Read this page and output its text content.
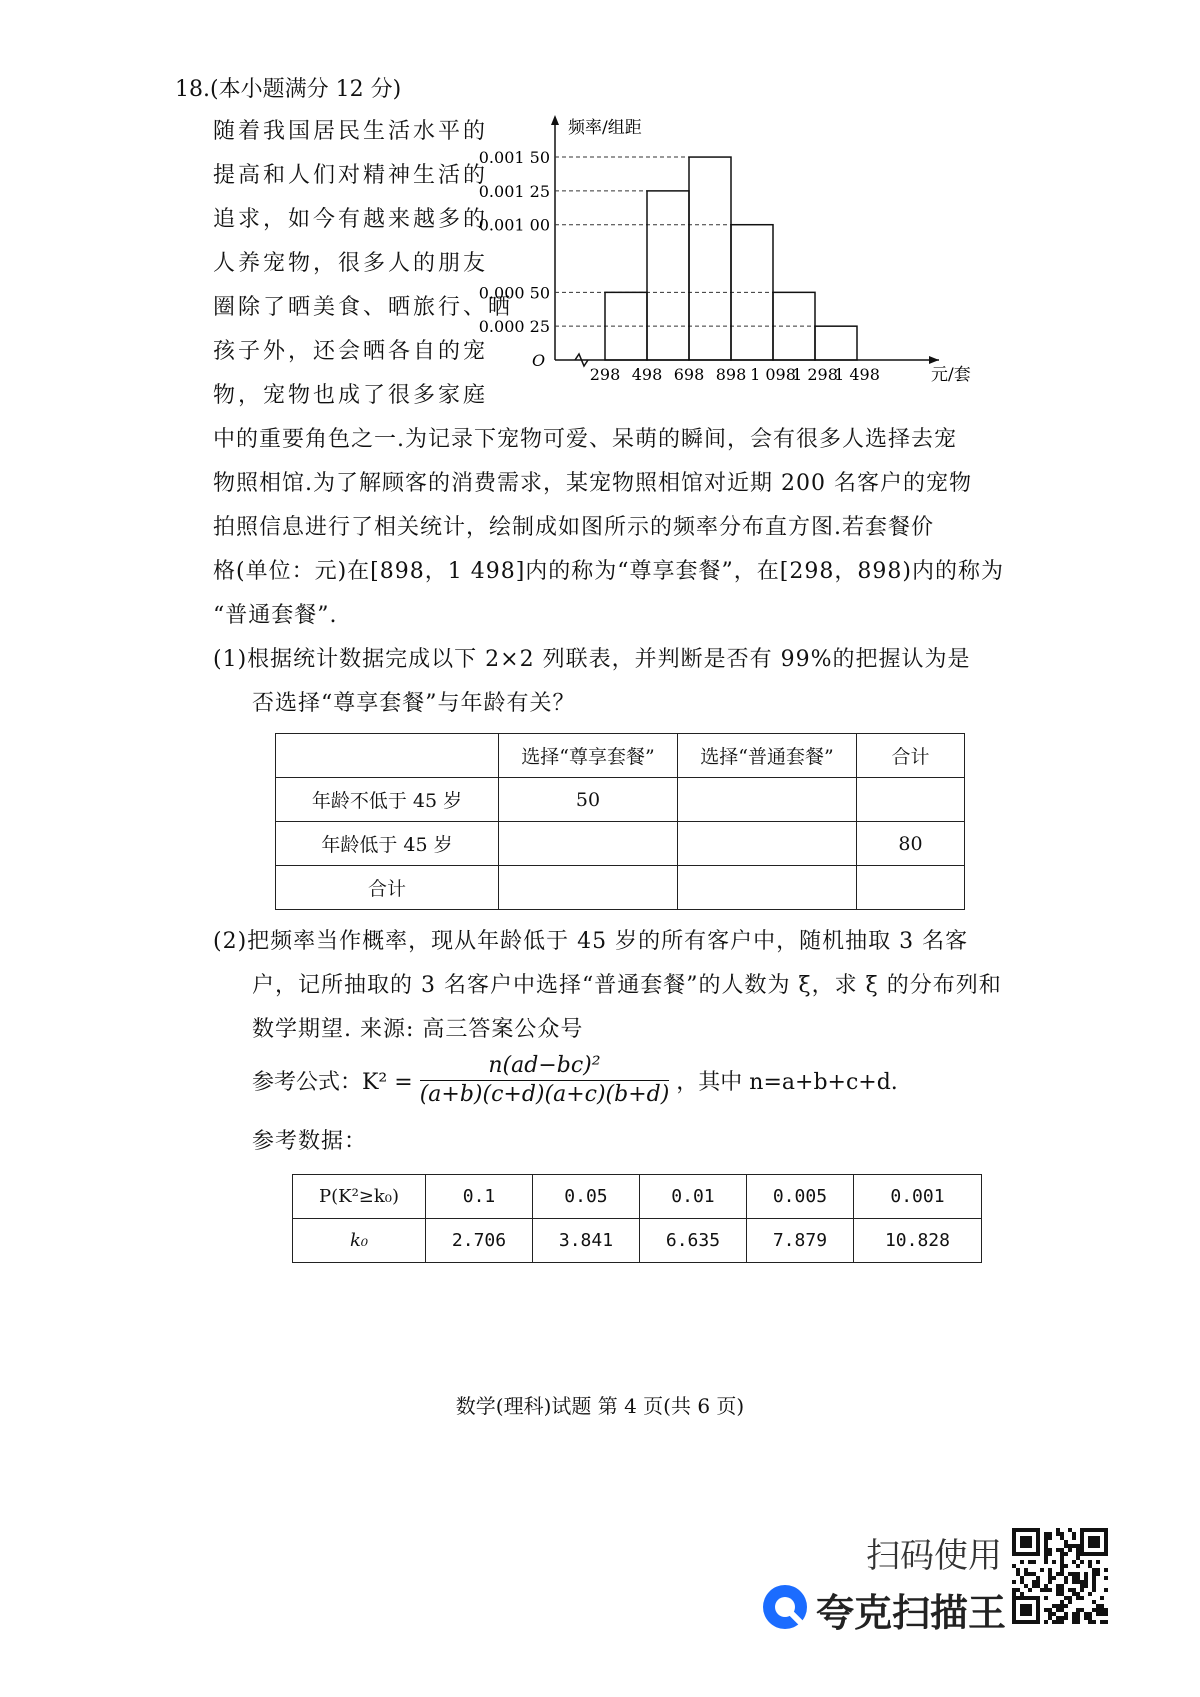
18.(本小题满分 12 分)
随着我国居民生活水平的
提高和人们对精神生活的
追求，如今有越来越多的
人养宠物，很多人的朋友
圈除了晒美食、晒旅行、晒
孩子外，还会晒各自的宠
物，宠物也成了很多家庭
频率/组距
元/套
O
0.001 50
0.001 25
0.001 00
0.000 50
0.000 25
298 498 698 898 1 098
1 298
1 498
中的重要角色之一.为记录下宠物可爱、呆萌的瞬间，会有很多人选择去宠
物照相馆.为了解顾客的消费需求，某宠物照相馆对近期 200 名客户的宠物
拍照信息进行了相关统计，绘制成如图所示的频率分布直方图.若套餐价
格(单位：元)在[898，1 498]内的称为“尊享套餐”，在[298，898)内的称为
“普通套餐”.
(1)根据统计数据完成以下 2×2 列联表，并判断是否有 99%的把握认为是
否选择“尊享套餐”与年龄有关？
	选择“尊享套餐”	选择“普通套餐”	合计
年龄不低于 45 岁	50		
年龄低于 45 岁			80
合计			
(2)把频率当作概率，现从年龄低于 45 岁的所有客户中，随机抽取 3 名客
户，记所抽取的 3 名客户中选择“普通套餐”的人数为 ξ，求 ξ 的分布列和
数学期望. 来源: 高三答案公众号
参考公式：$K^2 = \frac{\text{n(ad−bc)²}}{(a+b)(c+d)(a+c)(b+d)}$ ，其中 n=a+b+c+d.
参考数据：
P(K²≥k₀)	0.1	0.05	0.01	0.005	0.001
k₀	2.706	3.841	6.635	7.879	10.828
数学(理科)试题 第 4 页(共 6 页)
扫码使用
夸克扫描王
